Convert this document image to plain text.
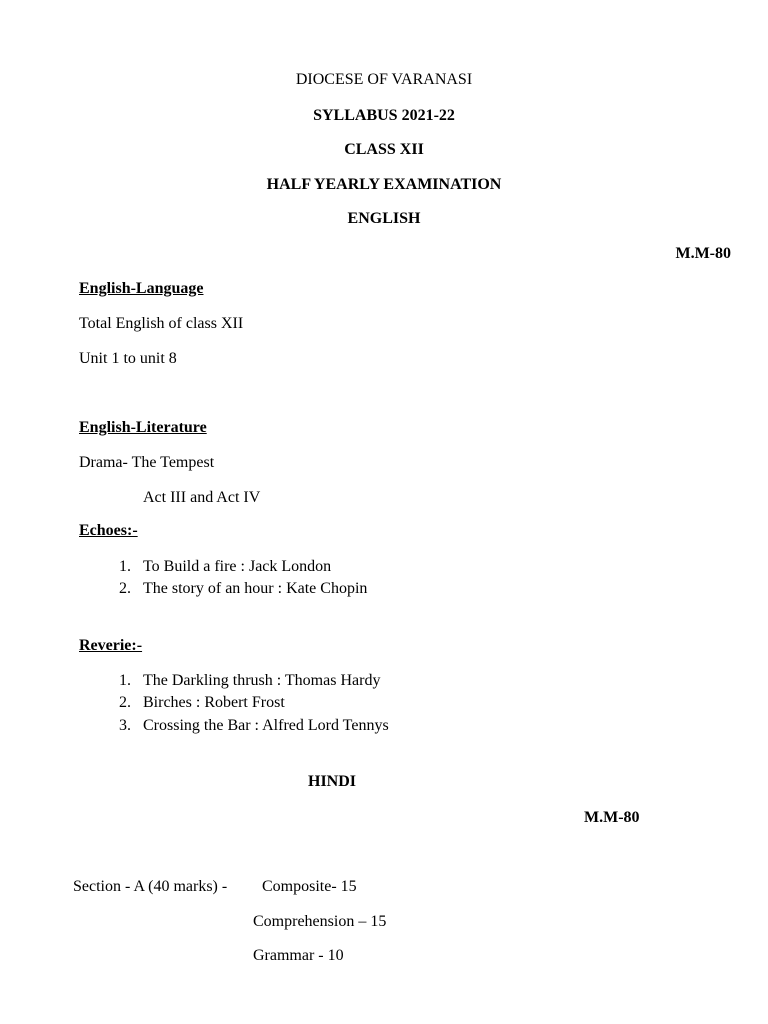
DIOCESE OF VARANASI
SYLLABUS 2021-22
CLASS XII
HALF YEARLY EXAMINATION
ENGLISH
M.M-80
English-Language
Total English of class XII
Unit 1 to unit 8
English-Literature
Drama- The Tempest
Act III and Act IV
Echoes:-
1. To Build a fire : Jack London
2. The story of an hour : Kate Chopin
Reverie:-
1. The Darkling thrush : Thomas Hardy
2. Birches : Robert Frost
3. Crossing the Bar : Alfred Lord Tennys
HINDI
M.M-80
Section - A (40 marks) - Composite- 15
Comprehension – 15
Grammar - 10
